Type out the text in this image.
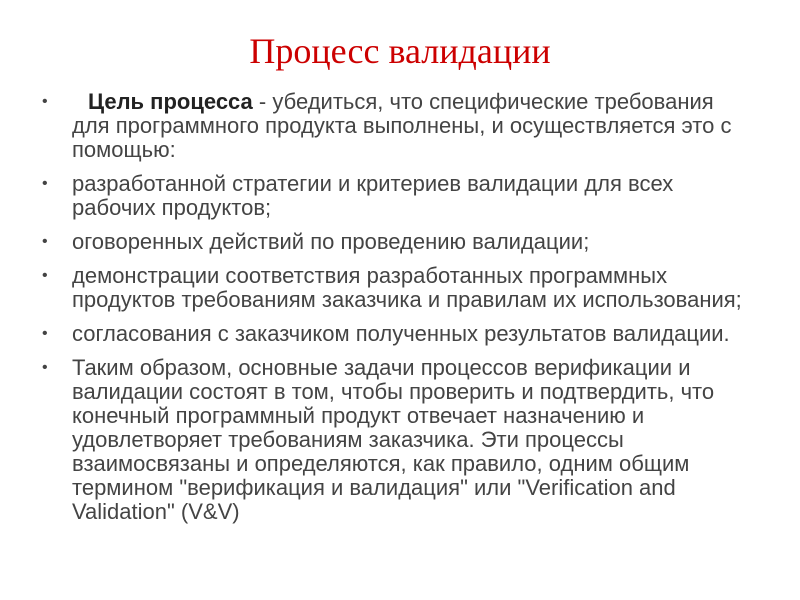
Процесс валидации
• Цель процесса - убедиться, что специфические требования для программного продукта выполнены, и осуществляется это с помощью:
• разработанной стратегии и критериев валидации для всех рабочих продуктов;
• оговоренных действий по проведению валидации;
• демонстрации соответствия разработанных программных продуктов требованиям заказчика и правилам их использования;
• согласования с заказчиком полученных результатов валидации.
• Таким образом, основные задачи процессов верификации и валидации состоят в том, чтобы проверить и подтвердить, что конечный программный продукт отвечает назначению и удовлетворяет требованиям заказчика. Эти процессы взаимосвязаны и определяются, как правило, одним общим термином "верификация и валидация" или "Verification and Validation" (V&V)
